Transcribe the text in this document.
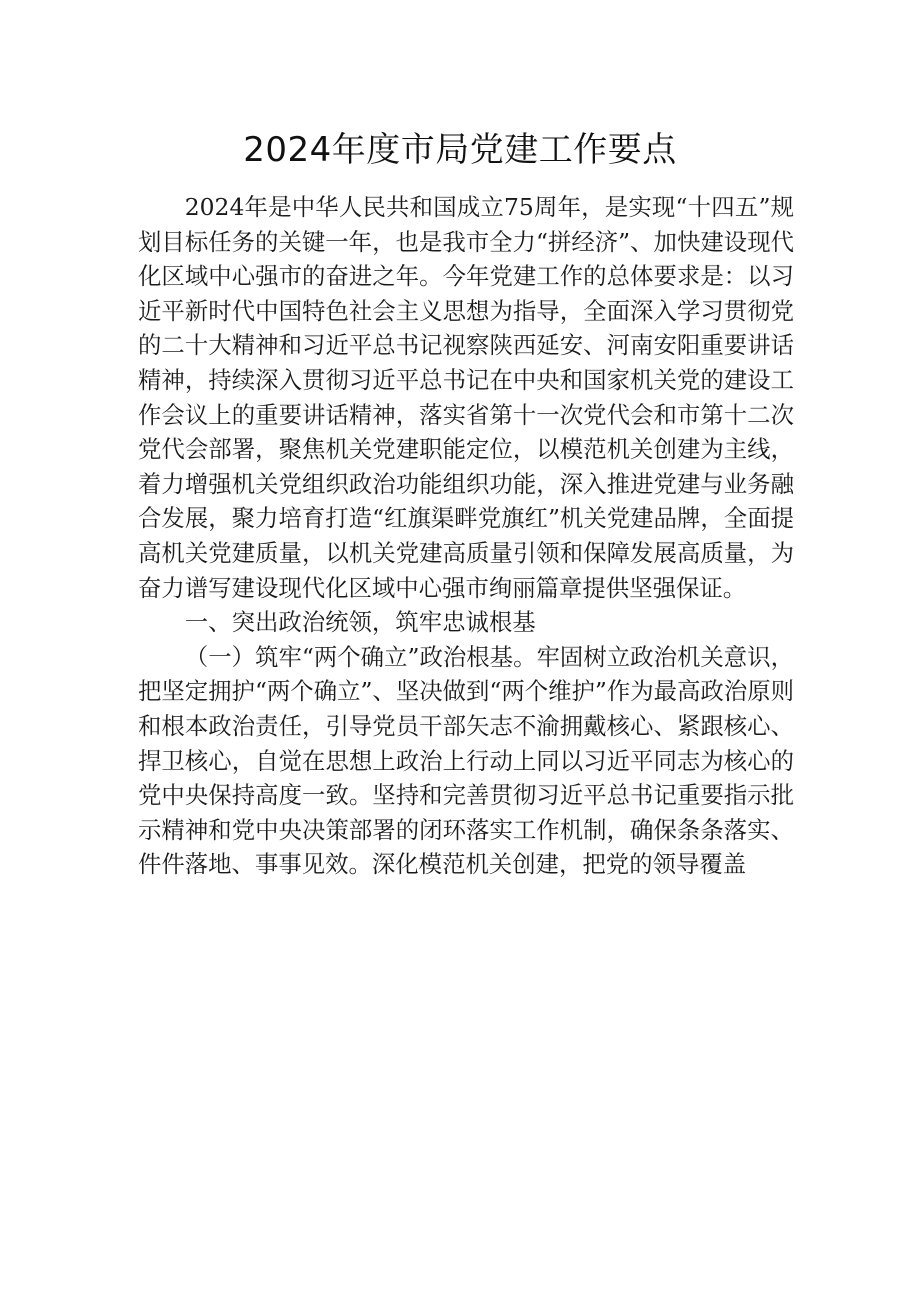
2024年度市局党建工作要点

2024年是中华人民共和国成立75周年，是实现“十四五”规划目标任务的关键一年，也是我市全力“拼经济”、加快建设现代化区域中心强市的奋进之年。今年党建工作的总体要求是：以习近平新时代中国特色社会主义思想为指导，全面深入学习贯彻党的二十大精神和习近平总书记视察陕西延安、河南安阳重要讲话精神，持续深入贯彻习近平总书记在中央和国家机关党的建设工作会议上的重要讲话精神，落实省第十一次党代会和市第十二次党代会部署，聚焦机关党建职能定位，以模范机关创建为主线，着力增强机关党组织政治功能组织功能，深入推进党建与业务融合发展，聚力培育打造“红旗渠畔党旗红”机关党建品牌，全面提高机关党建质量，以机关党建高质量引领和保障发展高质量，为奋力谱写建设现代化区域中心强市绚丽篇章提供坚强保证。

一、突出政治统领，筑牢忠诚根基

（一）筑牢“两个确立”政治根基。牢固树立政治机关意识，把坚定拥护“两个确立”、坚决做到“两个维护”作为最高政治原则和根本政治责任，引导党员干部矢志不渝拥戴核心、紧跟核心、捍卫核心，自觉在思想上政治上行动上同以习近平同志为核心的党中央保持高度一致。坚持和完善贯彻习近平总书记重要指示批示精神和党中央决策部署的闭环落实工作机制，确保条条落实、件件落地、事事见效。深化模范机关创建，把党的领导覆盖
